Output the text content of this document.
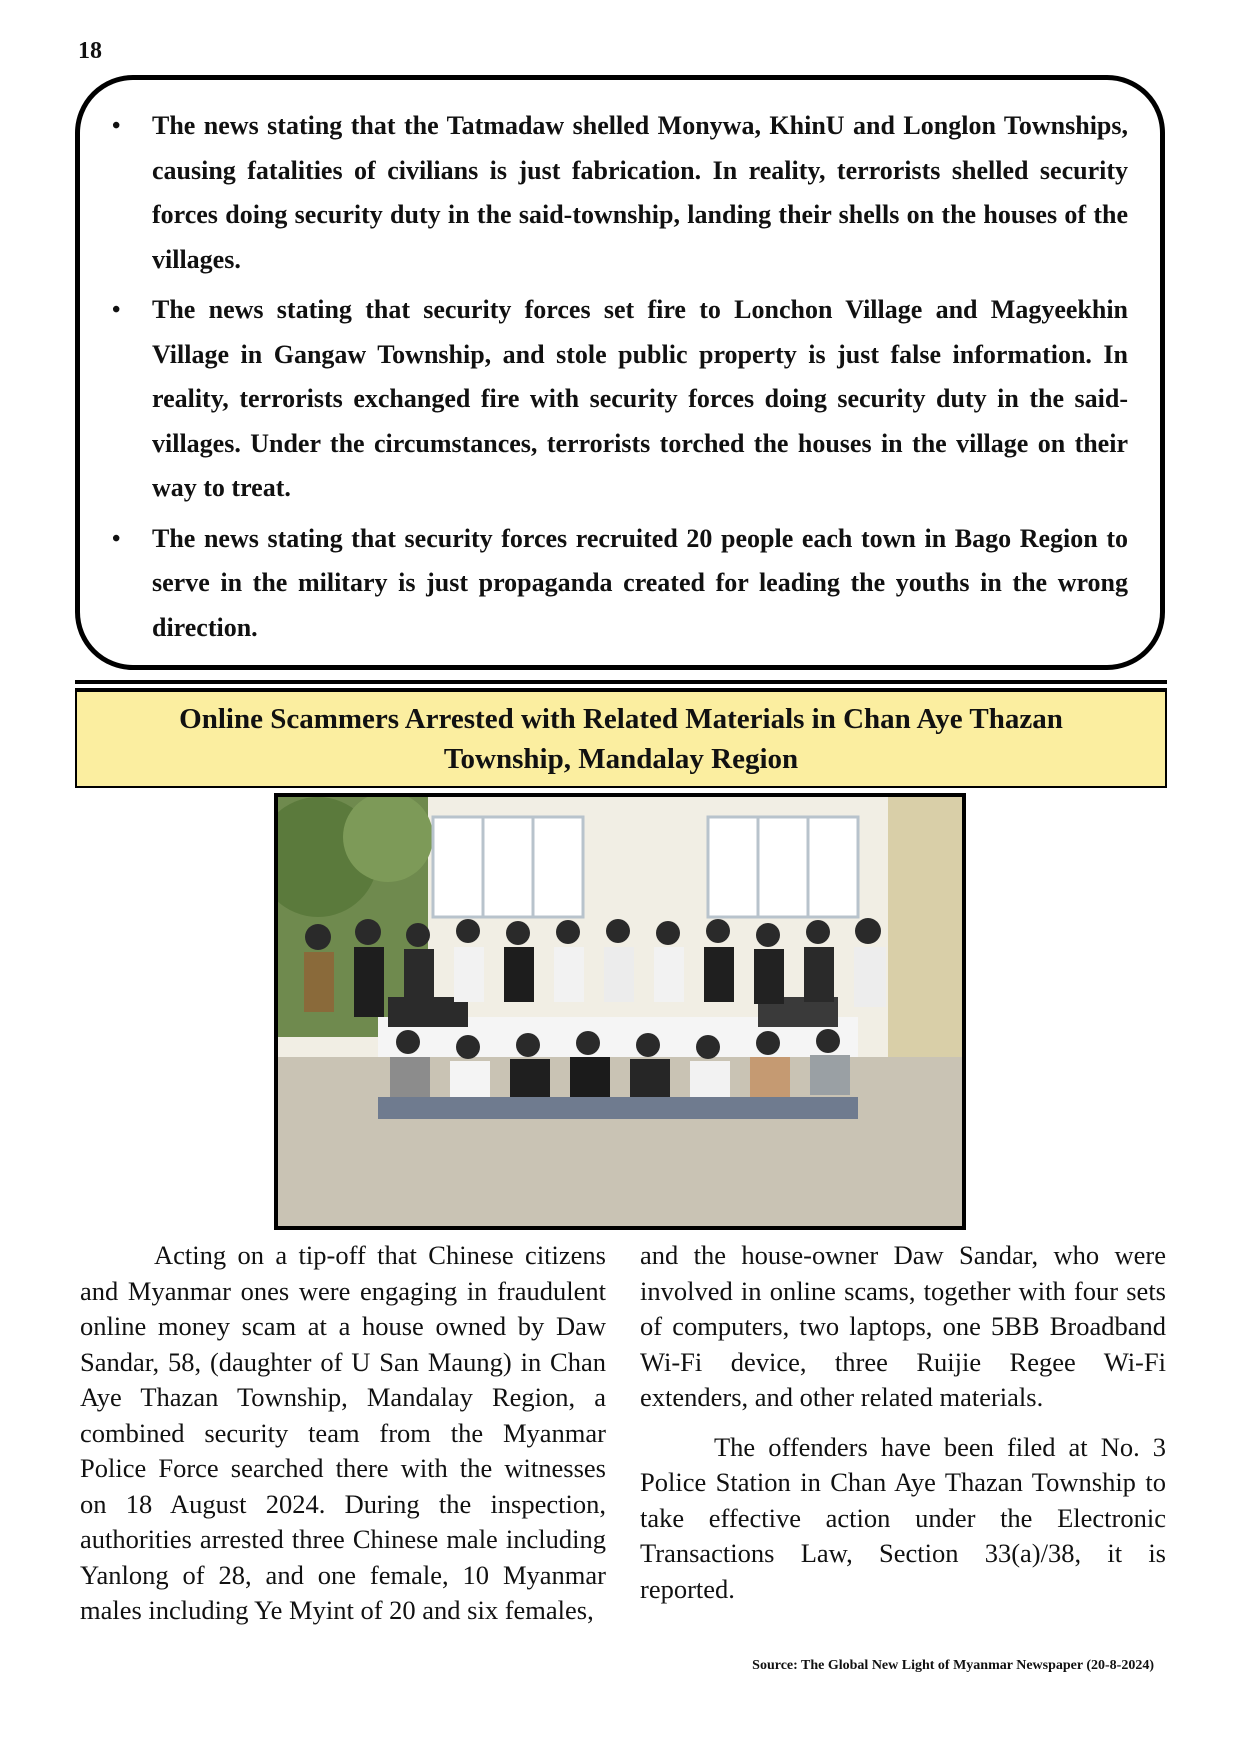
18
• The news stating that the Tatmadaw shelled Monywa, KhinU and Longlon Townships, causing fatalities of civilians is just fabrication. In reality, terrorists shelled security forces doing security duty in the said-township, landing their shells on the houses of the villages.
• The news stating that security forces set fire to Lonchon Village and Magyeekhin Village in Gangaw Township, and stole public property is just false information. In reality, terrorists exchanged fire with security forces doing security duty in the said-villages. Under the circumstances, terrorists torched the houses in the village on their way to treat.
• The news stating that security forces recruited 20 people each town in Bago Region to serve in the military is just propaganda created for leading the youths in the wrong direction.
Online Scammers Arrested with Related Materials in Chan Aye Thazan Township, Mandalay Region

Acting on a tip-off that Chinese citizens and Myanmar ones were engaging in fraudulent online money scam at a house owned by Daw Sandar, 58, (daughter of U San Maung) in Chan Aye Thazan Township, Mandalay Region, a combined security team from the Myanmar Police Force searched there with the witnesses on 18 August 2024. During the inspection, authorities arrested three Chinese male including Yanlong of 28, and one female, 10 Myanmar males including Ye Myint of 20 and six females,

and the house-owner Daw Sandar, who were involved in online scams, together with four sets of computers, two laptops, one 5BB Broadband Wi-Fi device, three Ruijie Regee Wi-Fi extenders, and other related materials.

The offenders have been filed at No. 3 Police Station in Chan Aye Thazan Township to take effective action under the Electronic Transactions Law, Section 33(a)/38, it is reported.

Source: The Global New Light of Myanmar Newspaper (20-8-2024)
